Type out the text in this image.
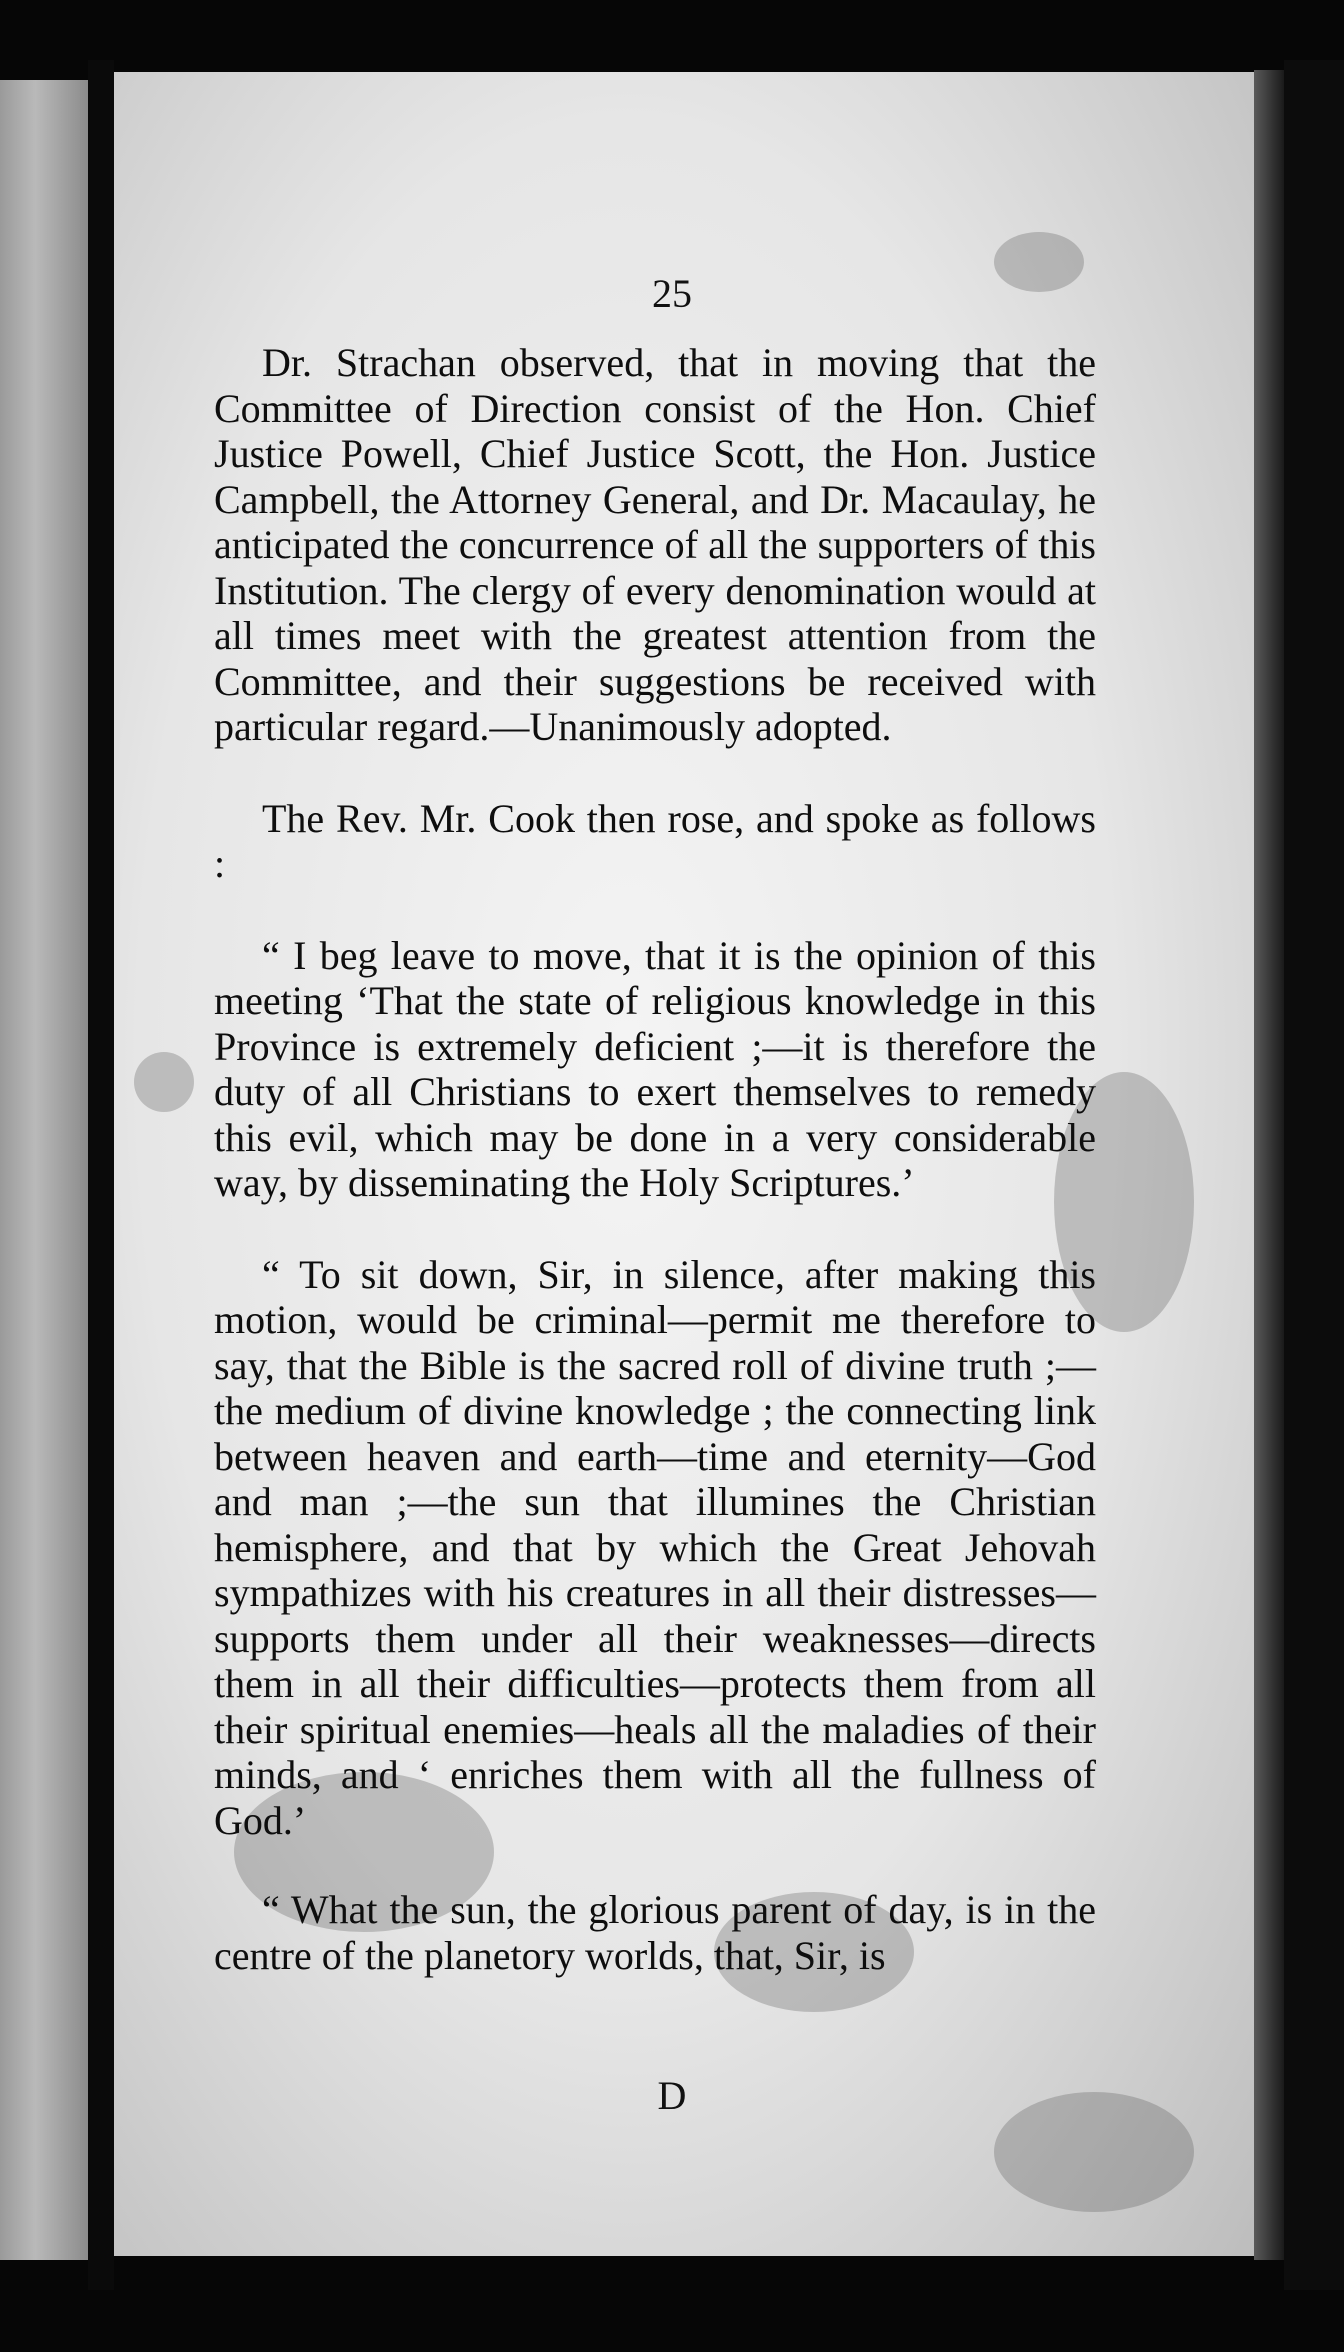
25

Dr. Strachan observed, that in moving that the Committee of Direction consist of the Hon. Chief Justice Powell, Chief Justice Scott, the Hon. Justice Campbell, the Attorney General, and Dr. Macaulay, he anticipated the concurrence of all the supporters of this Institution. The clergy of every denomination would at all times meet with the greatest attention from the Committee, and their suggestions be received with particular regard.—Unanimously adopted.

The Rev. Mr. Cook then rose, and spoke as follows :

“ I beg leave to move, that it is the opinion of this meeting ‘That the state of religious knowledge in this Province is extremely deficient ;—it is therefore the duty of all Christians to exert themselves to remedy this evil, which may be done in a very considerable way, by disseminating the Holy Scriptures.’

“ To sit down, Sir, in silence, after making this motion, would be criminal—permit me therefore to say, that the Bible is the sacred roll of divine truth ;—the medium of divine knowledge ; the connecting link between heaven and earth—time and eternity—God and man ;—the sun that illumines the Christian hemisphere, and that by which the Great Jehovah sympathizes with his creatures in all their distresses—supports them under all their weaknesses—directs them in all their difficulties—protects them from all their spiritual enemies—heals all the maladies of their minds, and ‘ enriches them with all the fullness of God.’

“ What the sun, the glorious parent of day, is in the centre of the planetory worlds, that, Sir, is

D
